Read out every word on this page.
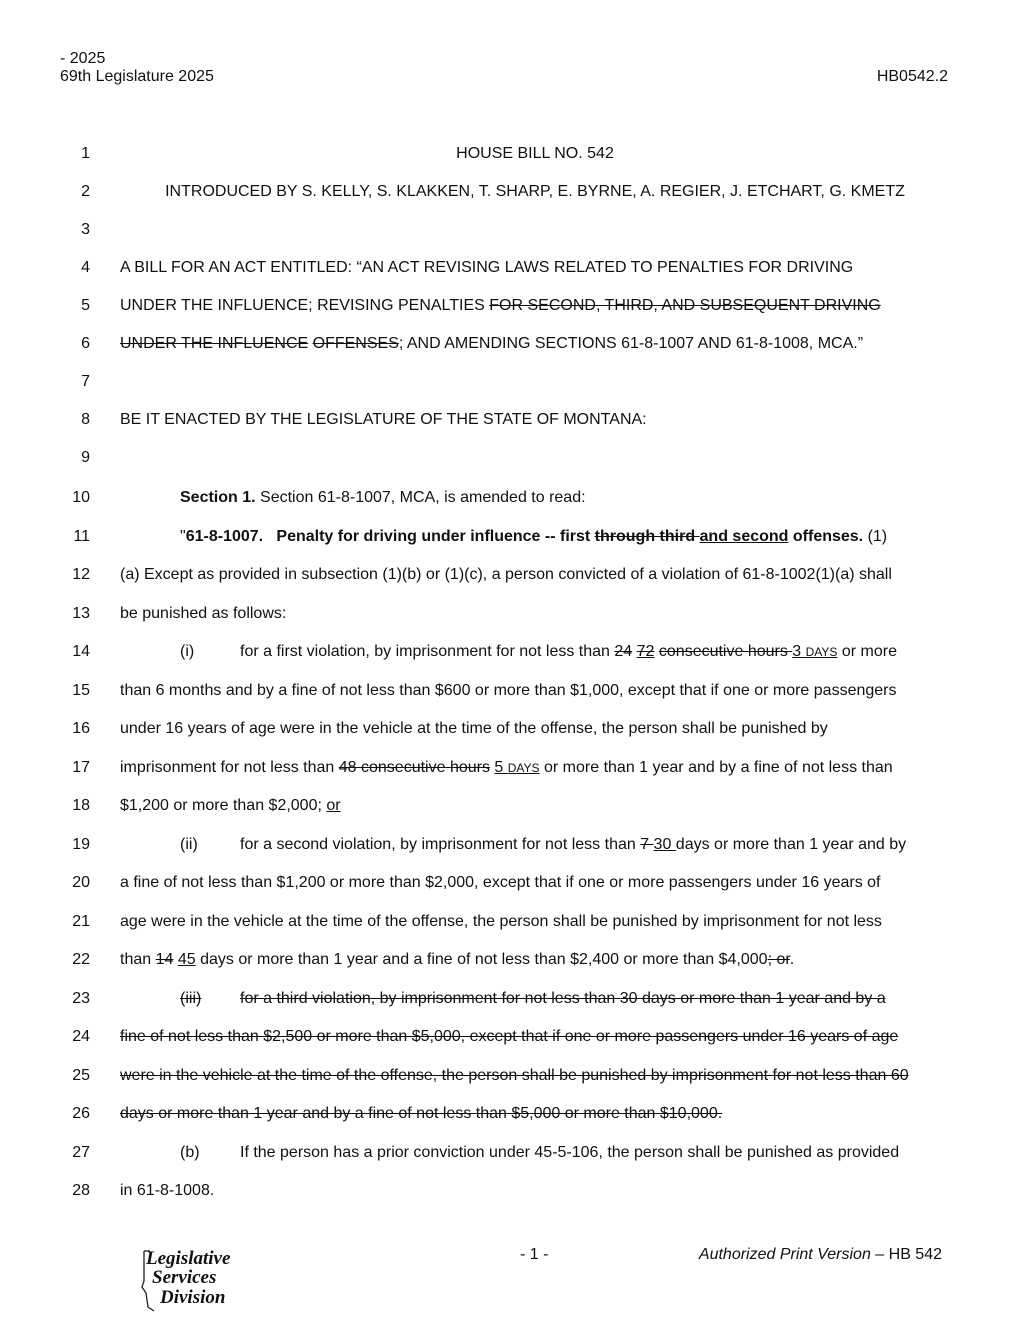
- 2025
69th Legislature 2025	HB0542.2
1	HOUSE BILL NO. 542
2	INTRODUCED BY S. KELLY, S. KLAKKEN, T. SHARP, E. BYRNE, A. REGIER, J. ETCHART, G. KMETZ
3
4 A BILL FOR AN ACT ENTITLED: “AN ACT REVISING LAWS RELATED TO PENALTIES FOR DRIVING
5 UNDER THE INFLUENCE; REVISING PENALTIES FOR SECOND, THIRD, AND SUBSEQUENT DRIVING
6 UNDER THE INFLUENCE OFFENSES; AND AMENDING SECTIONS 61-8-1007 AND 61-8-1008, MCA.”
7
8 BE IT ENACTED BY THE LEGISLATURE OF THE STATE OF MONTANA:
9
10	Section 1. Section 61-8-1007, MCA, is amended to read:
11	"61-8-1007.   Penalty for driving under influence -- first through third and second offenses. (1)
12 (a) Except as provided in subsection (1)(b) or (1)(c), a person convicted of a violation of 61-8-1002(1)(a) shall
13 be punished as follows:
14	(i)	for a first violation, by imprisonment for not less than 24 72 consecutive hours 3 DAYS or more
15 than 6 months and by a fine of not less than $600 or more than $1,000, except that if one or more passengers
16 under 16 years of age were in the vehicle at the time of the offense, the person shall be punished by
17 imprisonment for not less than 48 consecutive hours 5 DAYS or more than 1 year and by a fine of not less than
18 $1,200 or more than $2,000; or
19	(ii)	for a second violation, by imprisonment for not less than 7 30 days or more than 1 year and by
20 a fine of not less than $1,200 or more than $2,000, except that if one or more passengers under 16 years of
21 age were in the vehicle at the time of the offense, the person shall be punished by imprisonment for not less
22 than 14 45 days or more than 1 year and a fine of not less than $2,400 or more than $4,000; or.
23	(iii) for a third violation, by imprisonment for not less than 30 days or more than 1 year and by a
24 fine of not less than $2,500 or more than $5,000, except that if one or more passengers under 16 years of age
25 were in the vehicle at the time of the offense, the person shall be punished by imprisonment for not less than 60
26 days or more than 1 year and by a fine of not less than $5,000 or more than $10,000.
27	(b)	If the person has a prior conviction under 45-5-106, the person shall be punished as provided
28 in 61-8-1008.
Legislative
Services
Division
- 1 -	Authorized Print Version – HB 542
